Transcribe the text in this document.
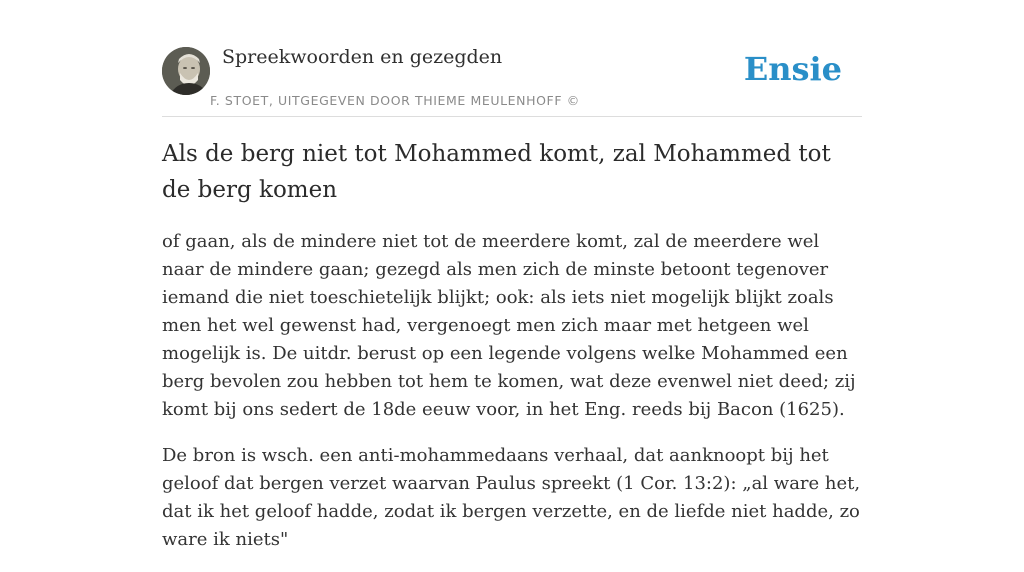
Spreekwoorden en gezegden
F. STOET, UITGEGEVEN DOOR THIEME MEULENHOFF ©
Ensie
Als de berg niet tot Mohammed komt, zal Mohammed tot de berg komen

of gaan, als de mindere niet tot de meerdere komt, zal de meerdere wel naar de mindere gaan; gezegd als men zich de minste betoont tegenover iemand die niet toeschietelijk blijkt; ook: als iets niet mogelijk blijkt zoals men het wel gewenst had, vergenoegt men zich maar met hetgeen wel mogelijk is. De uitdr. berust op een legende volgens welke Mohammed een berg bevolen zou hebben tot hem te komen, wat deze evenwel niet deed; zij komt bij ons sedert de 18de eeuw voor, in het Eng. reeds bij Bacon (1625).

De bron is wsch. een anti-mohammedaans verhaal, dat aanknoopt bij het geloof dat bergen verzet waarvan Paulus spreekt (1 Cor. 13:2): „al ware het, dat ik het geloof hadde, zodat ik bergen verzette, en de liefde niet hadde, zo ware ik niets"
